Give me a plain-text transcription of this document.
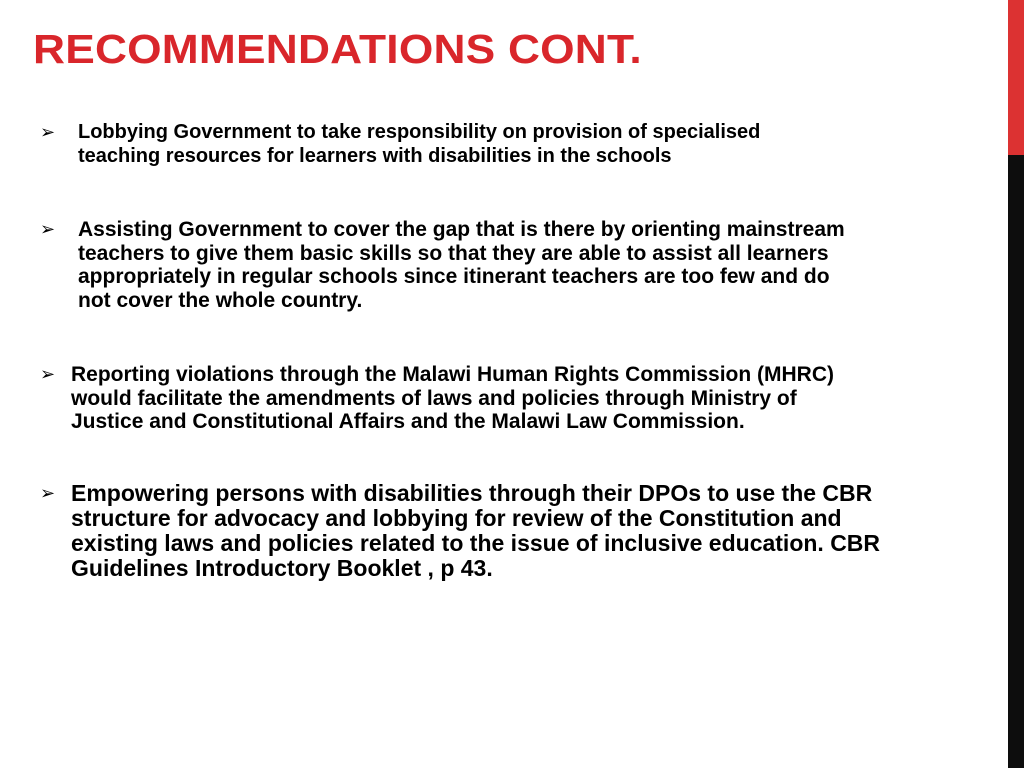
RECOMMENDATIONS CONT.
➢ Lobbying Government to take responsibility on provision of specialised
teaching resources for learners with disabilities in the schools
➢ Assisting Government to cover the gap that is there by orienting mainstream
teachers to give them basic skills so that they are able to assist all learners
appropriately in regular schools since itinerant teachers are too few and do
not cover the whole country.
➢ Reporting violations through the Malawi Human Rights Commission (MHRC)
would facilitate the amendments of laws and policies through Ministry of
Justice and Constitutional Affairs and the Malawi Law Commission.
➢ Empowering persons with disabilities through their DPOs to use the CBR
structure for advocacy and lobbying for review of the Constitution and
existing laws and policies related to the issue of inclusive education. CBR
Guidelines Introductory Booklet , p 43.
